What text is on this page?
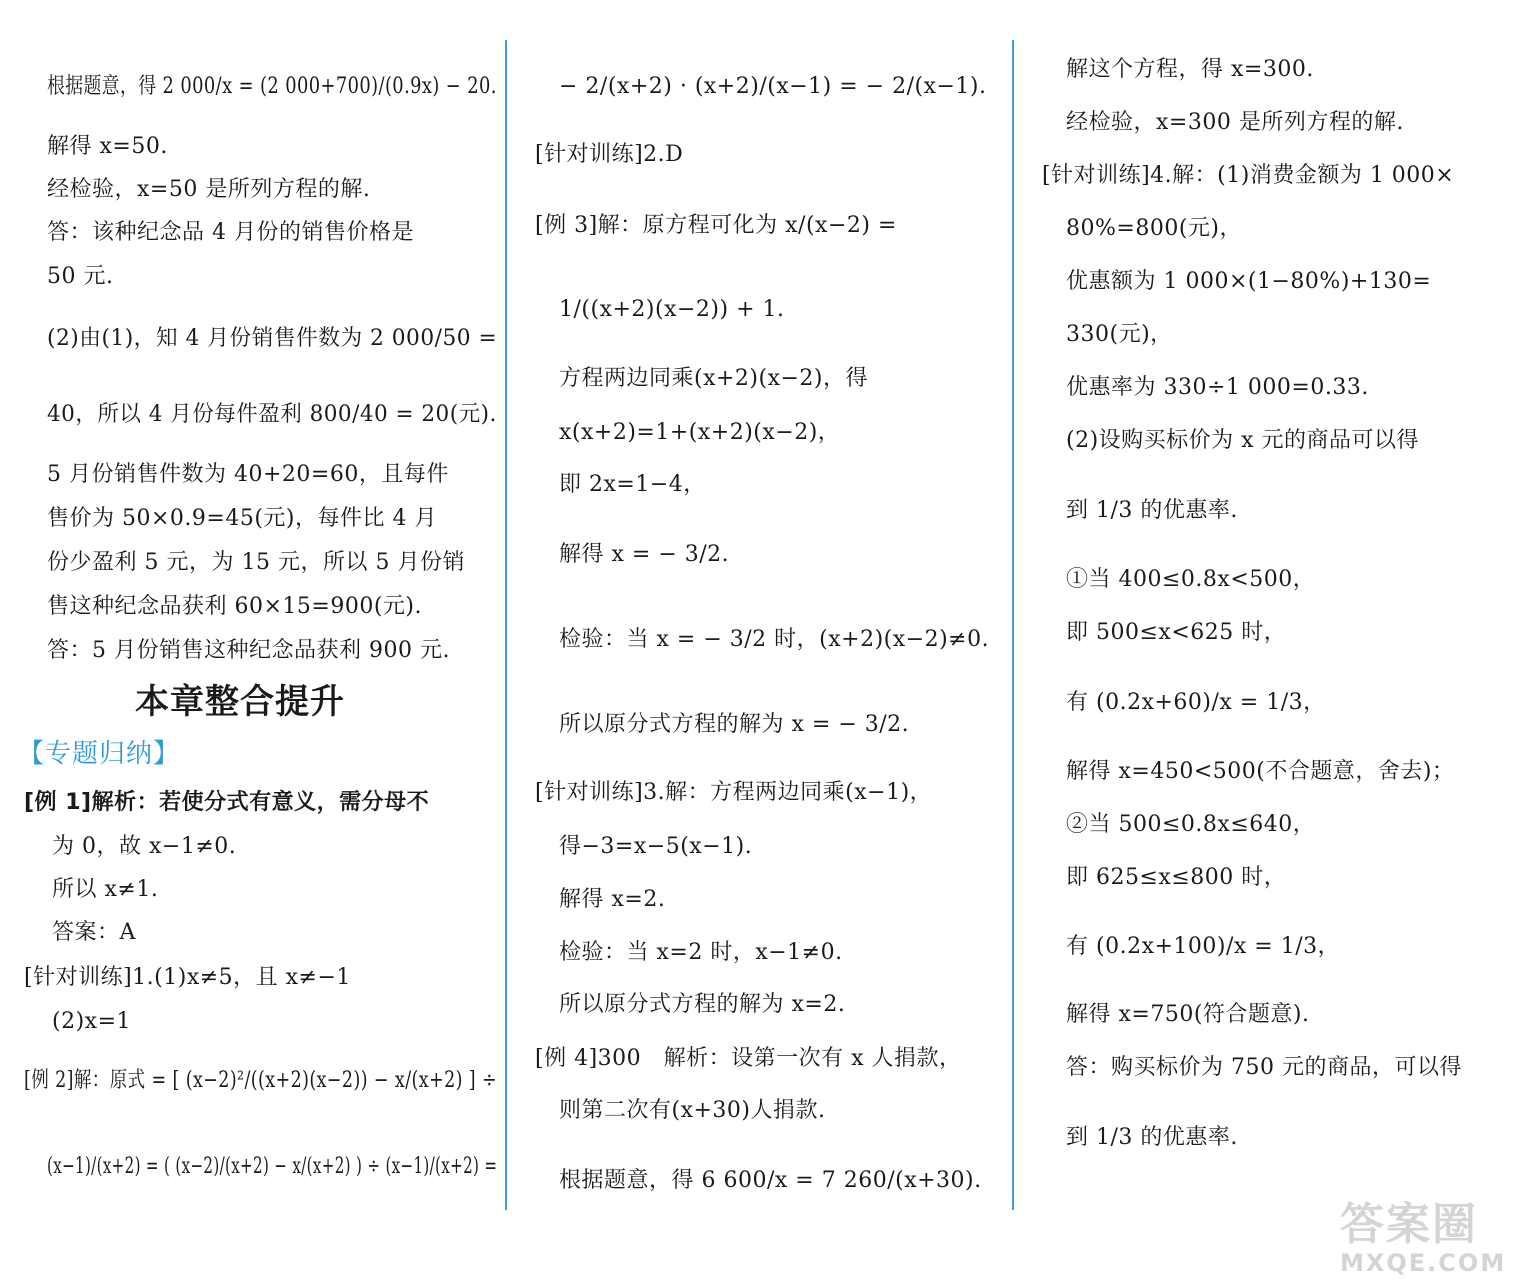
根据题意，得 2 000/x = (2 000+700)/(0.9x) − 20.
解得 x=50.
经检验，x=50 是所列方程的解.
答：该种纪念品 4 月份的销售价格是
50 元.
(2)由(1)，知 4 月份销售件数为 2 000/50 =
40，所以 4 月份每件盈利 800/40 = 20(元).
5 月份销售件数为 40+20=60，且每件
售价为 50×0.9=45(元)，每件比 4 月
份少盈利 5 元，为 15 元，所以 5 月份销
售这种纪念品获利 60×15=900(元).
答：5 月份销售这种纪念品获利 900 元.
本章整合提升
【专题归纳】
[例 1]解析：若使分式有意义，需分母不
为 0，故 x−1≠0.
所以 x≠1.
答案：A
[针对训练]1.(1)x≠5，且 x≠−1
(2)x=1
[例 2]解：原式 = [ (x−2)²/((x+2)(x−2)) − x/(x+2) ] ÷
(x−1)/(x+2) = ( (x−2)/(x+2) − x/(x+2) ) ÷ (x−1)/(x+2) =
− 2/(x+2) · (x+2)/(x−1) = − 2/(x−1).
[针对训练]2.D
[例 3]解：原方程可化为 x/(x−2) =
1/((x+2)(x−2)) + 1.
方程两边同乘(x+2)(x−2)，得
x(x+2)=1+(x+2)(x−2)，
即 2x=1−4，
解得 x = − 3/2.
检验：当 x = − 3/2 时，(x+2)(x−2)≠0.
所以原分式方程的解为 x = − 3/2.
[针对训练]3.解：方程两边同乘(x−1)，
得−3=x−5(x−1).
解得 x=2.
检验：当 x=2 时，x−1≠0.
所以原分式方程的解为 x=2.
[例 4]300　解析：设第一次有 x 人捐款，
则第二次有(x+30)人捐款.
根据题意，得 6 600/x = 7 260/(x+30).
解这个方程，得 x=300.
经检验，x=300 是所列方程的解.
[针对训练]4.解：(1)消费金额为 1 000×
80%=800(元)，
优惠额为 1 000×(1−80%)+130=
330(元)，
优惠率为 330÷1 000=0.33.
(2)设购买标价为 x 元的商品可以得
到 1/3 的优惠率.
①当 400≤0.8x<500，
即 500≤x<625 时，
有 (0.2x+60)/x = 1/3，
解得 x=450<500(不合题意，舍去)；
②当 500≤0.8x≤640，
即 625≤x≤800 时，
有 (0.2x+100)/x = 1/3，
解得 x=750(符合题意).
答：购买标价为 750 元的商品，可以得
到 1/3 的优惠率.
答案圈
MXQE.COM
